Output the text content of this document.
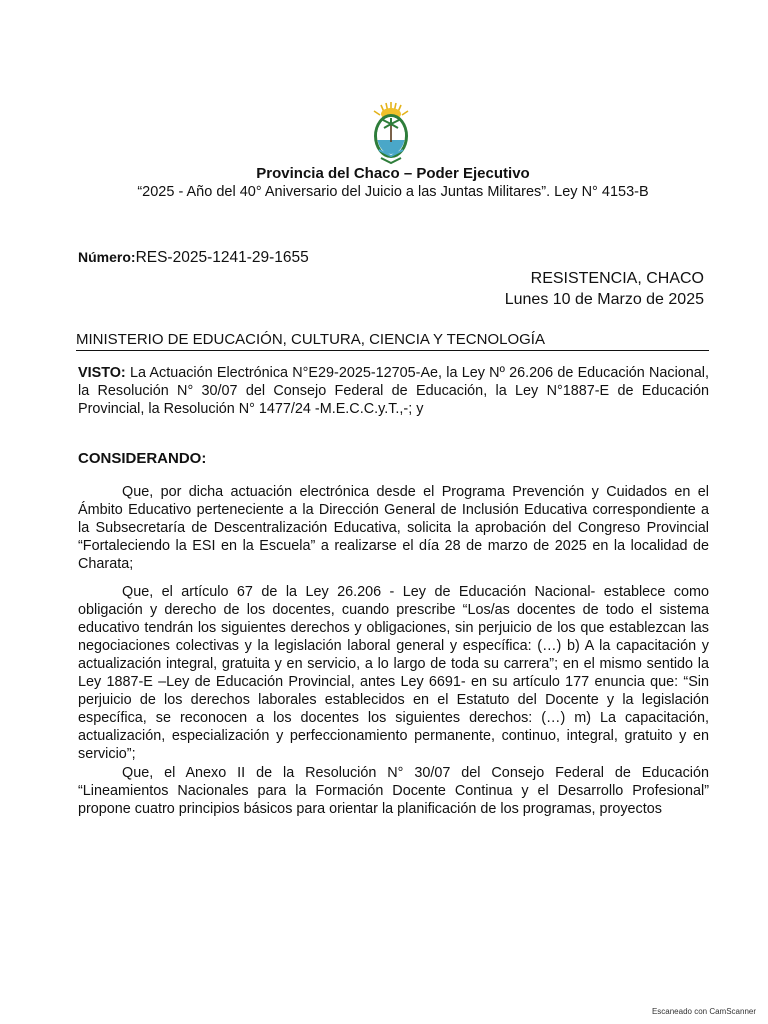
Provincia del Chaco – Poder Ejecutivo
“2025 - Año del 40° Aniversario del Juicio a las Juntas Militares”. Ley N° 4153-B
Número:RES-2025-1241-29-1655
RESISTENCIA, CHACO
Lunes 10 de Marzo de 2025
MINISTERIO DE EDUCACIÓN, CULTURA, CIENCIA Y TECNOLOGÍA
VISTO: La Actuación Electrónica N°E29-2025-12705-Ae, la Ley Nº 26.206 de Educación Nacional, la Resolución N° 30/07 del Consejo Federal de Educación, la Ley N°1887-E de Educación Provincial, la Resolución N° 1477/24 -M.E.C.C.y.T.,-; y
CONSIDERANDO:
Que, por dicha actuación electrónica desde el Programa Prevención y Cuidados en el Ámbito Educativo perteneciente a la Dirección General de Inclusión Educativa correspondiente a la Subsecretaría de Descentralización Educativa, solicita la aprobación del Congreso Provincial “Fortaleciendo la ESI en la Escuela” a realizarse el día 28 de marzo de 2025 en la localidad de Charata;
Que, el artículo 67 de la Ley 26.206 - Ley de Educación Nacional- establece como obligación y derecho de los docentes, cuando prescribe “Los/as docentes de todo el sistema educativo tendrán los siguientes derechos y obligaciones, sin perjuicio de los que establezcan las negociaciones colectivas y la legislación laboral general y específica: (…) b) A la capacitación y actualización integral, gratuita y en servicio, a lo largo de toda su carrera”; en el mismo sentido la Ley 1887-E –Ley de Educación Provincial, antes Ley 6691- en su artículo 177 enuncia que: “Sin perjuicio de los derechos laborales establecidos en el Estatuto del Docente y la legislación específica, se reconocen a los docentes los siguientes derechos: (…) m) La capacitación, actualización, especialización y perfeccionamiento permanente, continuo, integral, gratuito y en servicio”;
Que, el Anexo II de la Resolución N° 30/07 del Consejo Federal de Educación “Lineamientos Nacionales para la Formación Docente Continua y el Desarrollo Profesional” propone cuatro principios básicos para orientar la planificación de los programas, proyectos
Escaneado con CamScanner
